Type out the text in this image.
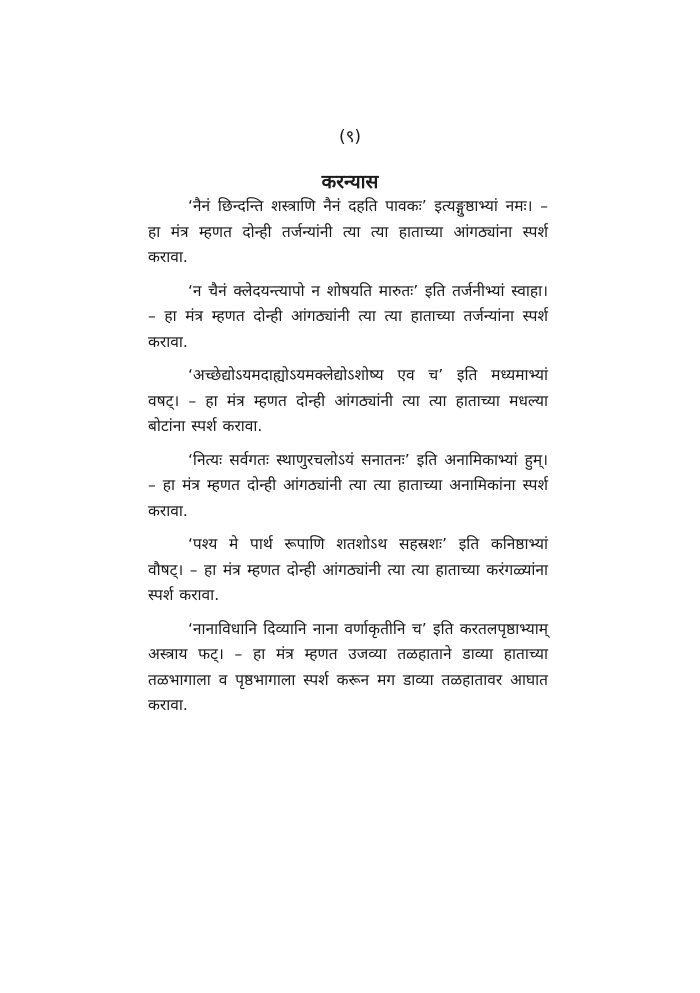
(९)
करन्यास

‘नैनं छिन्दन्ति शस्त्राणि नैनं दहति पावकः’ इत्यङ्गुष्ठाभ्यां नमः। – हा मंत्र म्हणत दोन्ही तर्जन्यांनी त्या त्या हाताच्या आंगठ्यांना स्पर्श करावा.

‘न चैनं क्लेदयन्त्यापो न शोषयति मारुतः’ इति तर्जनीभ्यां स्वाहा। – हा मंत्र म्हणत दोन्ही आंगठ्यांनी त्या त्या हाताच्या तर्जन्यांना स्पर्श करावा.

‘अच्छेद्योऽयमदाह्योऽयमक्लेद्योऽशोष्य एव च’ इति मध्यमाभ्यां वषट्। – हा मंत्र म्हणत दोन्ही आंगठ्यांनी त्या त्या हाताच्या मधल्या बोटांना स्पर्श करावा.

‘नित्यः सर्वगतः स्थाणुरचलोऽयं सनातनः’ इति अनामिकाभ्यां हुम्। – हा मंत्र म्हणत दोन्ही आंगठ्यांनी त्या त्या हाताच्या अनामिकांना स्पर्श करावा.

‘पश्य मे पार्थ रूपाणि शतशोऽथ सहस्रशः’ इति कनिष्ठाभ्यां वौषट्। – हा मंत्र म्हणत दोन्ही आंगठ्यांनी त्या त्या हाताच्या करंगळ्यांना स्पर्श करावा.

‘नानाविधानि दिव्यानि नाना वर्णाकृतीनि च’ इति करतलपृष्ठाभ्याम् अस्त्राय फट्। – हा मंत्र म्हणत उजव्या तळहाताने डाव्या हाताच्या तळभागाला व पृष्ठभागाला स्पर्श करून मग डाव्या तळहातावर आघात करावा.
